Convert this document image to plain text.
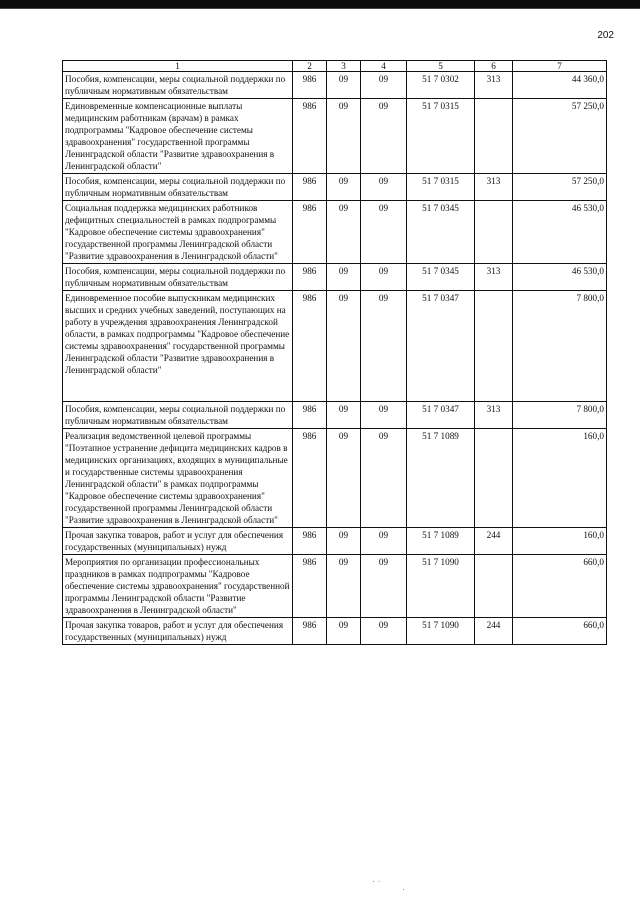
202
1	2	3	4	5	6	7
Пособия, компенсации, меры социальной поддержки по публичным нормативным обязательствам	986	09	09	51 7 0302	313	44 360,0
Единовременные компенсационные выплаты медицинским работникам (врачам) в рамках подпрограммы "Кадровое обеспечение системы здравоохранения" государственной программы Ленинградской области "Развитие здравоохранения в Ленинградской области"	986	09	09	51 7 0315		57 250,0
Пособия, компенсации, меры социальной поддержки по публичным нормативным обязательствам	986	09	09	51 7 0315	313	57 250,0
Социальная поддержка медицинских работников дефицитных специальностей в рамках подпрограммы "Кадровое обеспечение системы здравоохранения" государственной программы Ленинградской области "Развитие здравоохранения в Ленинградской области"	986	09	09	51 7 0345		46 530,0
Пособия, компенсации, меры социальной поддержки по публичным нормативным обязательствам	986	09	09	51 7 0345	313	46 530,0
Единовременное пособие выпускникам медицинских высших и средних учебных заведений, поступающих на работу в учреждения здравоохранения Ленинградской области, в рамках подпрограммы "Кадровое обеспечение системы здравоохранения" государственной программы Ленинградской области "Развитие здравоохранения в Ленинградской области"	986	09	09	51 7 0347		7 800,0
Пособия, компенсации, меры социальной поддержки по публичным нормативным обязательствам	986	09	09	51 7 0347	313	7 800,0
Реализация ведомственной целевой программы "Поэтапное устранение дефицита медицинских кадров в медицинских организациях, входящих в муниципальные и государственные системы здравоохранения Ленинградской области" в рамках подпрограммы "Кадровое обеспечение системы здравоохранения" государственной программы Ленинградской области "Развитие здравоохранения в Ленинградской области"	986	09	09	51 7 1089		160,0
Прочая закупка товаров, работ и услуг для обеспечения государственных (муниципальных) нужд	986	09	09	51 7 1089	244	160,0
Мероприятия по организации профессиональных праздников в рамках подпрограммы "Кадровое обеспечение системы здравоохранения" государственной программы Ленинградской области "Развитие здравоохранения в Ленинградской области"	986	09	09	51 7 1090		660,0
Прочая закупка товаров, работ и услуг для обеспечения государственных (муниципальных) нужд	986	09	09	51 7 1090	244	660,0
· ·
·
